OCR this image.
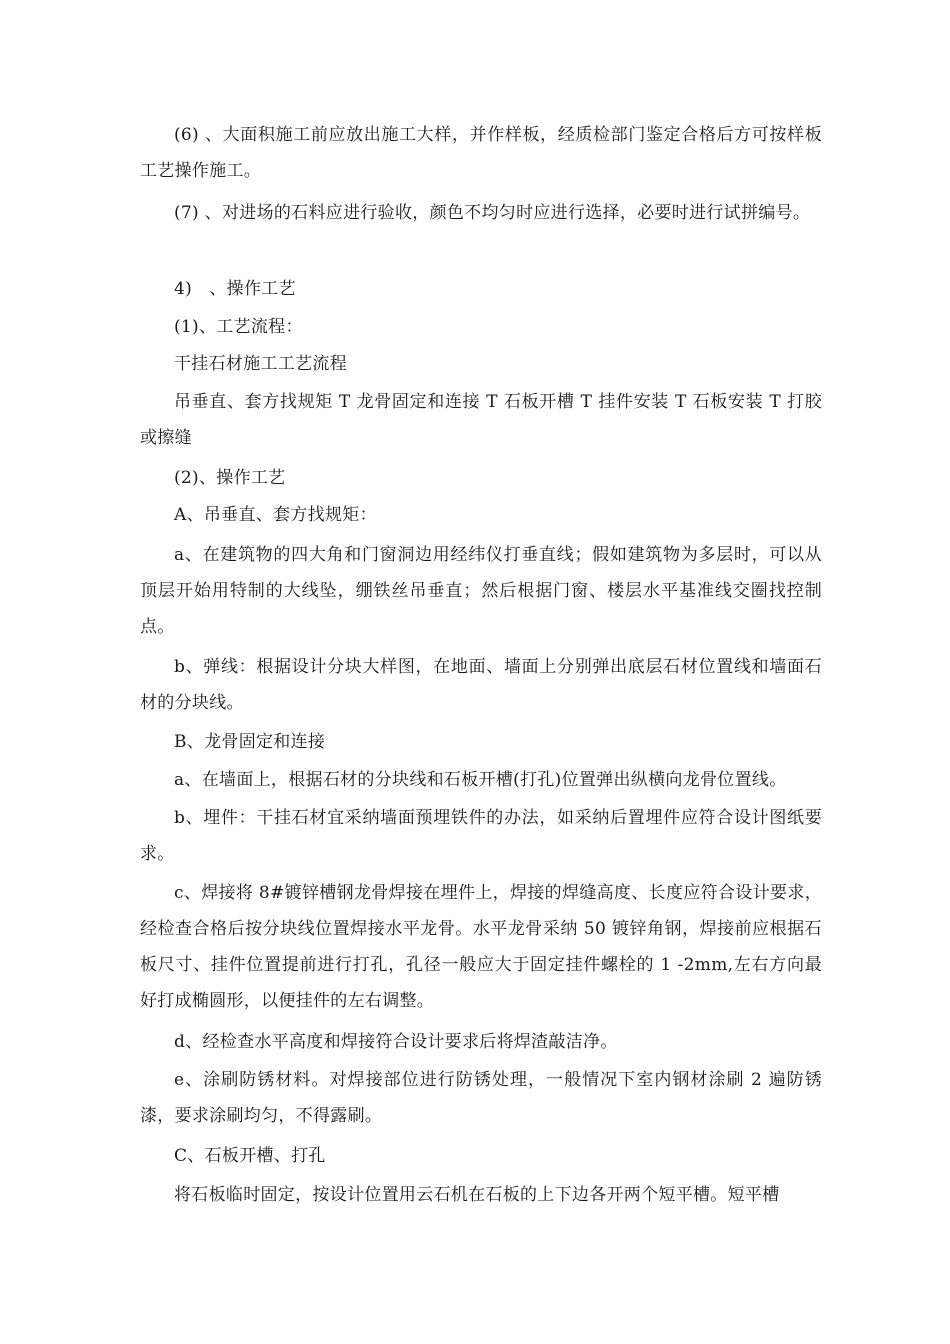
(6) 、大面积施工前应放出施工大样，并作样板，经质检部门鉴定合格后方可按样板工艺操作施工。

(7) 、对进场的石料应进行验收，颜色不均匀时应进行选择，必要时进行试拼编号。

4)　、操作工艺

(1)、工艺流程：

干挂石材施工工艺流程

吊垂直、套方找规矩 T 龙骨固定和连接 T 石板开槽 T 挂件安装 T 石板安装 T 打胶或擦缝

(2)、操作工艺

A、吊垂直、套方找规矩：

a、在建筑物的四大角和门窗洞边用经纬仪打垂直线；假如建筑物为多层时，可以从顶层开始用特制的大线坠，绷铁丝吊垂直；然后根据门窗、楼层水平基准线交圈找控制点。

b、弹线：根据设计分块大样图，在地面、墙面上分别弹出底层石材位置线和墙面石材的分块线。

B、龙骨固定和连接

a、在墙面上，根据石材的分块线和石板开槽(打孔)位置弹出纵横向龙骨位置线。

b、埋件：干挂石材宜采纳墙面预埋铁件的办法，如采纳后置埋件应符合设计图纸要求。

c、焊接将 8#镀锌槽钢龙骨焊接在埋件上，焊接的焊缝高度、长度应符合设计要求，经检查合格后按分块线位置焊接水平龙骨。水平龙骨采纳 50 镀锌角钢，焊接前应根据石板尺寸、挂件位置提前进行打孔，孔径一般应大于固定挂件螺栓的 1 -2mm,左右方向最好打成椭圆形，以便挂件的左右调整。

d、经检查水平高度和焊接符合设计要求后将焊渣敲洁净。

e、涂刷防锈材料。对焊接部位进行防锈处理，一般情况下室内钢材涂刷 2 遍防锈漆，要求涂刷均匀，不得露刷。

C、石板开槽、打孔

将石板临时固定，按设计位置用云石机在石板的上下边各开两个短平槽。短平槽
